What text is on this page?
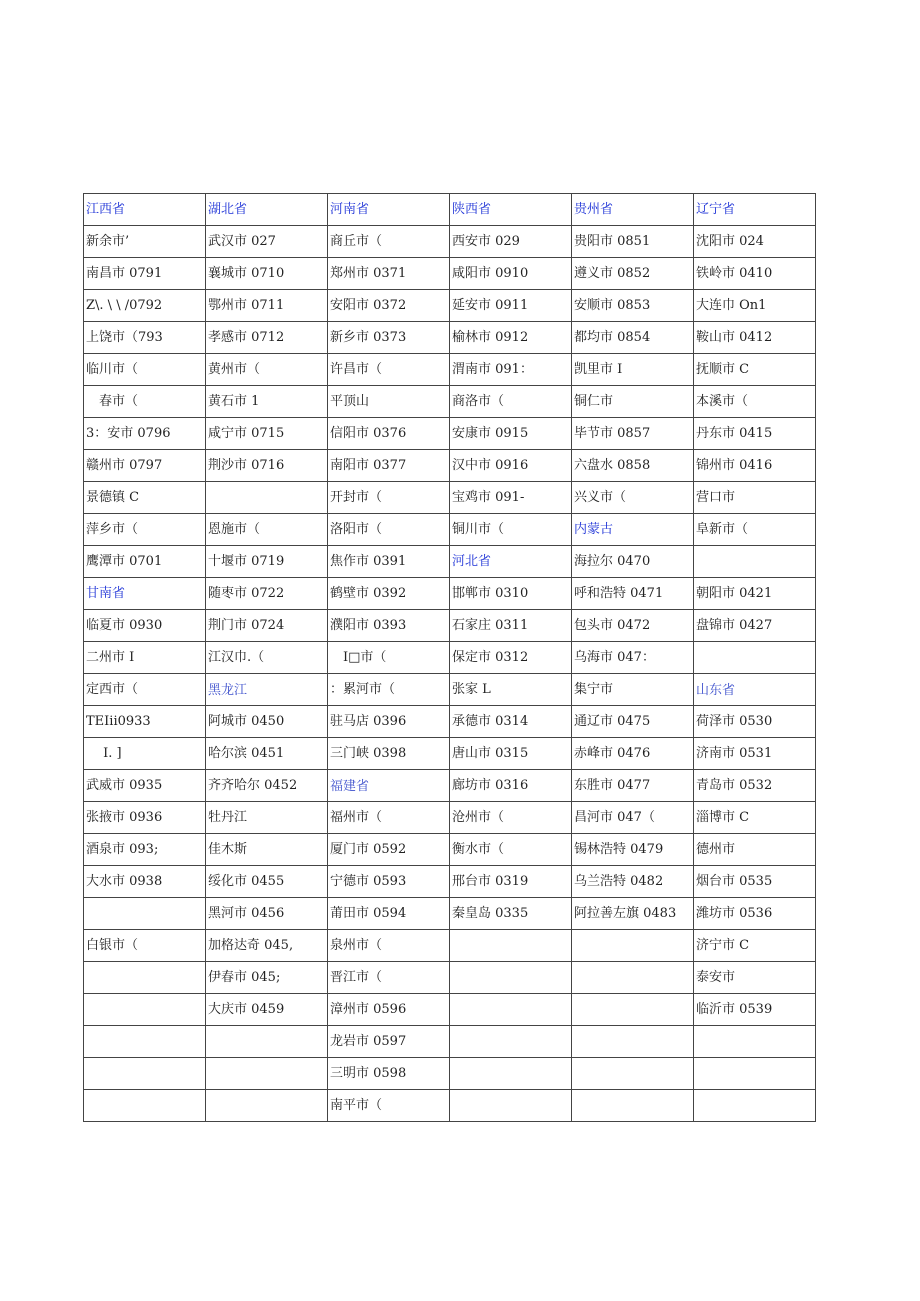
江西省	湖北省	河南省	陕西省	贵州省	辽宁省
新余市’	武汉市 027	商丘市（	西安市 029	贵阳市 0851	沈阳市 024
南昌市 0791	襄城市 0710	郑州市 0371	咸阳市 0910	遵义市 0852	铁岭市 0410
Z\. \ \ /0792	鄂州市 0711	安阳市 0372	延安市 0911	安顺市 0853	大连巾 On1
上饶市（793	孝感市 0712	新乡市 0373	榆林市 0912	都均市 0854	鞍山市 0412
临川市（	黄州市（	许昌市（	渭南市 091：	凯里市 I	抚顺市 C
　春市（	黄石市 1	平顶山	商洛市（	铜仁市	本溪市（
3：安市 0796	咸宁市 0715	信阳市 0376	安康市 0915	毕节市 0857	丹东市 0415
赣州市 0797	荆沙市 0716	南阳市 0377	汉中市 0916	六盘水 0858	锦州市 0416
景德镇 C		开封市（	宝鸡市 091-	兴义市（	营口市
萍乡市（	恩施市（	洛阳市（	铜川市（	内蒙古	阜新市（
鹰潭市 0701	十堰市 0719	焦作市 0391	河北省	海拉尔 0470	
甘南省	随枣市 0722	鹤壁市 0392	邯郸市 0310	呼和浩特 0471	朝阳市 0421
临夏市 0930	荆门市 0724	濮阳市 0393	石家庄 0311	包头市 0472	盘锦市 0427
二州市 I	江汉巾.（	　I□市（	保定市 0312	乌海市 047：	
定西市（	黑龙江	：累河市（	张家 L	集宁市	山东省
TEIii0933	阿城市 0450	驻马店 0396	承德市 0314	通辽市 0475	荷泽市 0530
　 I. ]	哈尔滨 0451	三门峡 0398	唐山市 0315	赤峰市 0476	济南市 0531
武威市 0935	齐齐哈尔 0452	福建省	廊坊市 0316	东胜市 0477	青岛市 0532
张掖市 0936	牡丹江	福州市（	沧州市（	昌河市 047（	淄博市 C
酒泉市 093;	佳木斯	厦门市 0592	衡水市（	锡林浩特 0479	德州市
大水市 0938	绥化市 0455	宁德市 0593	邢台市 0319	乌兰浩特 0482	烟台市 0535
	黑河市 0456	莆田市 0594	秦皇岛 0335	阿拉善左旗 0483	潍坊市 0536
白银市（	加格达奇 045,	泉州市（			济宁市 C
	伊春市 045;	晋江市（			泰安市
	大庆市 0459	漳州市 0596			临沂市 0539
		龙岩市 0597			
		三明市 0598			
		南平市（			
